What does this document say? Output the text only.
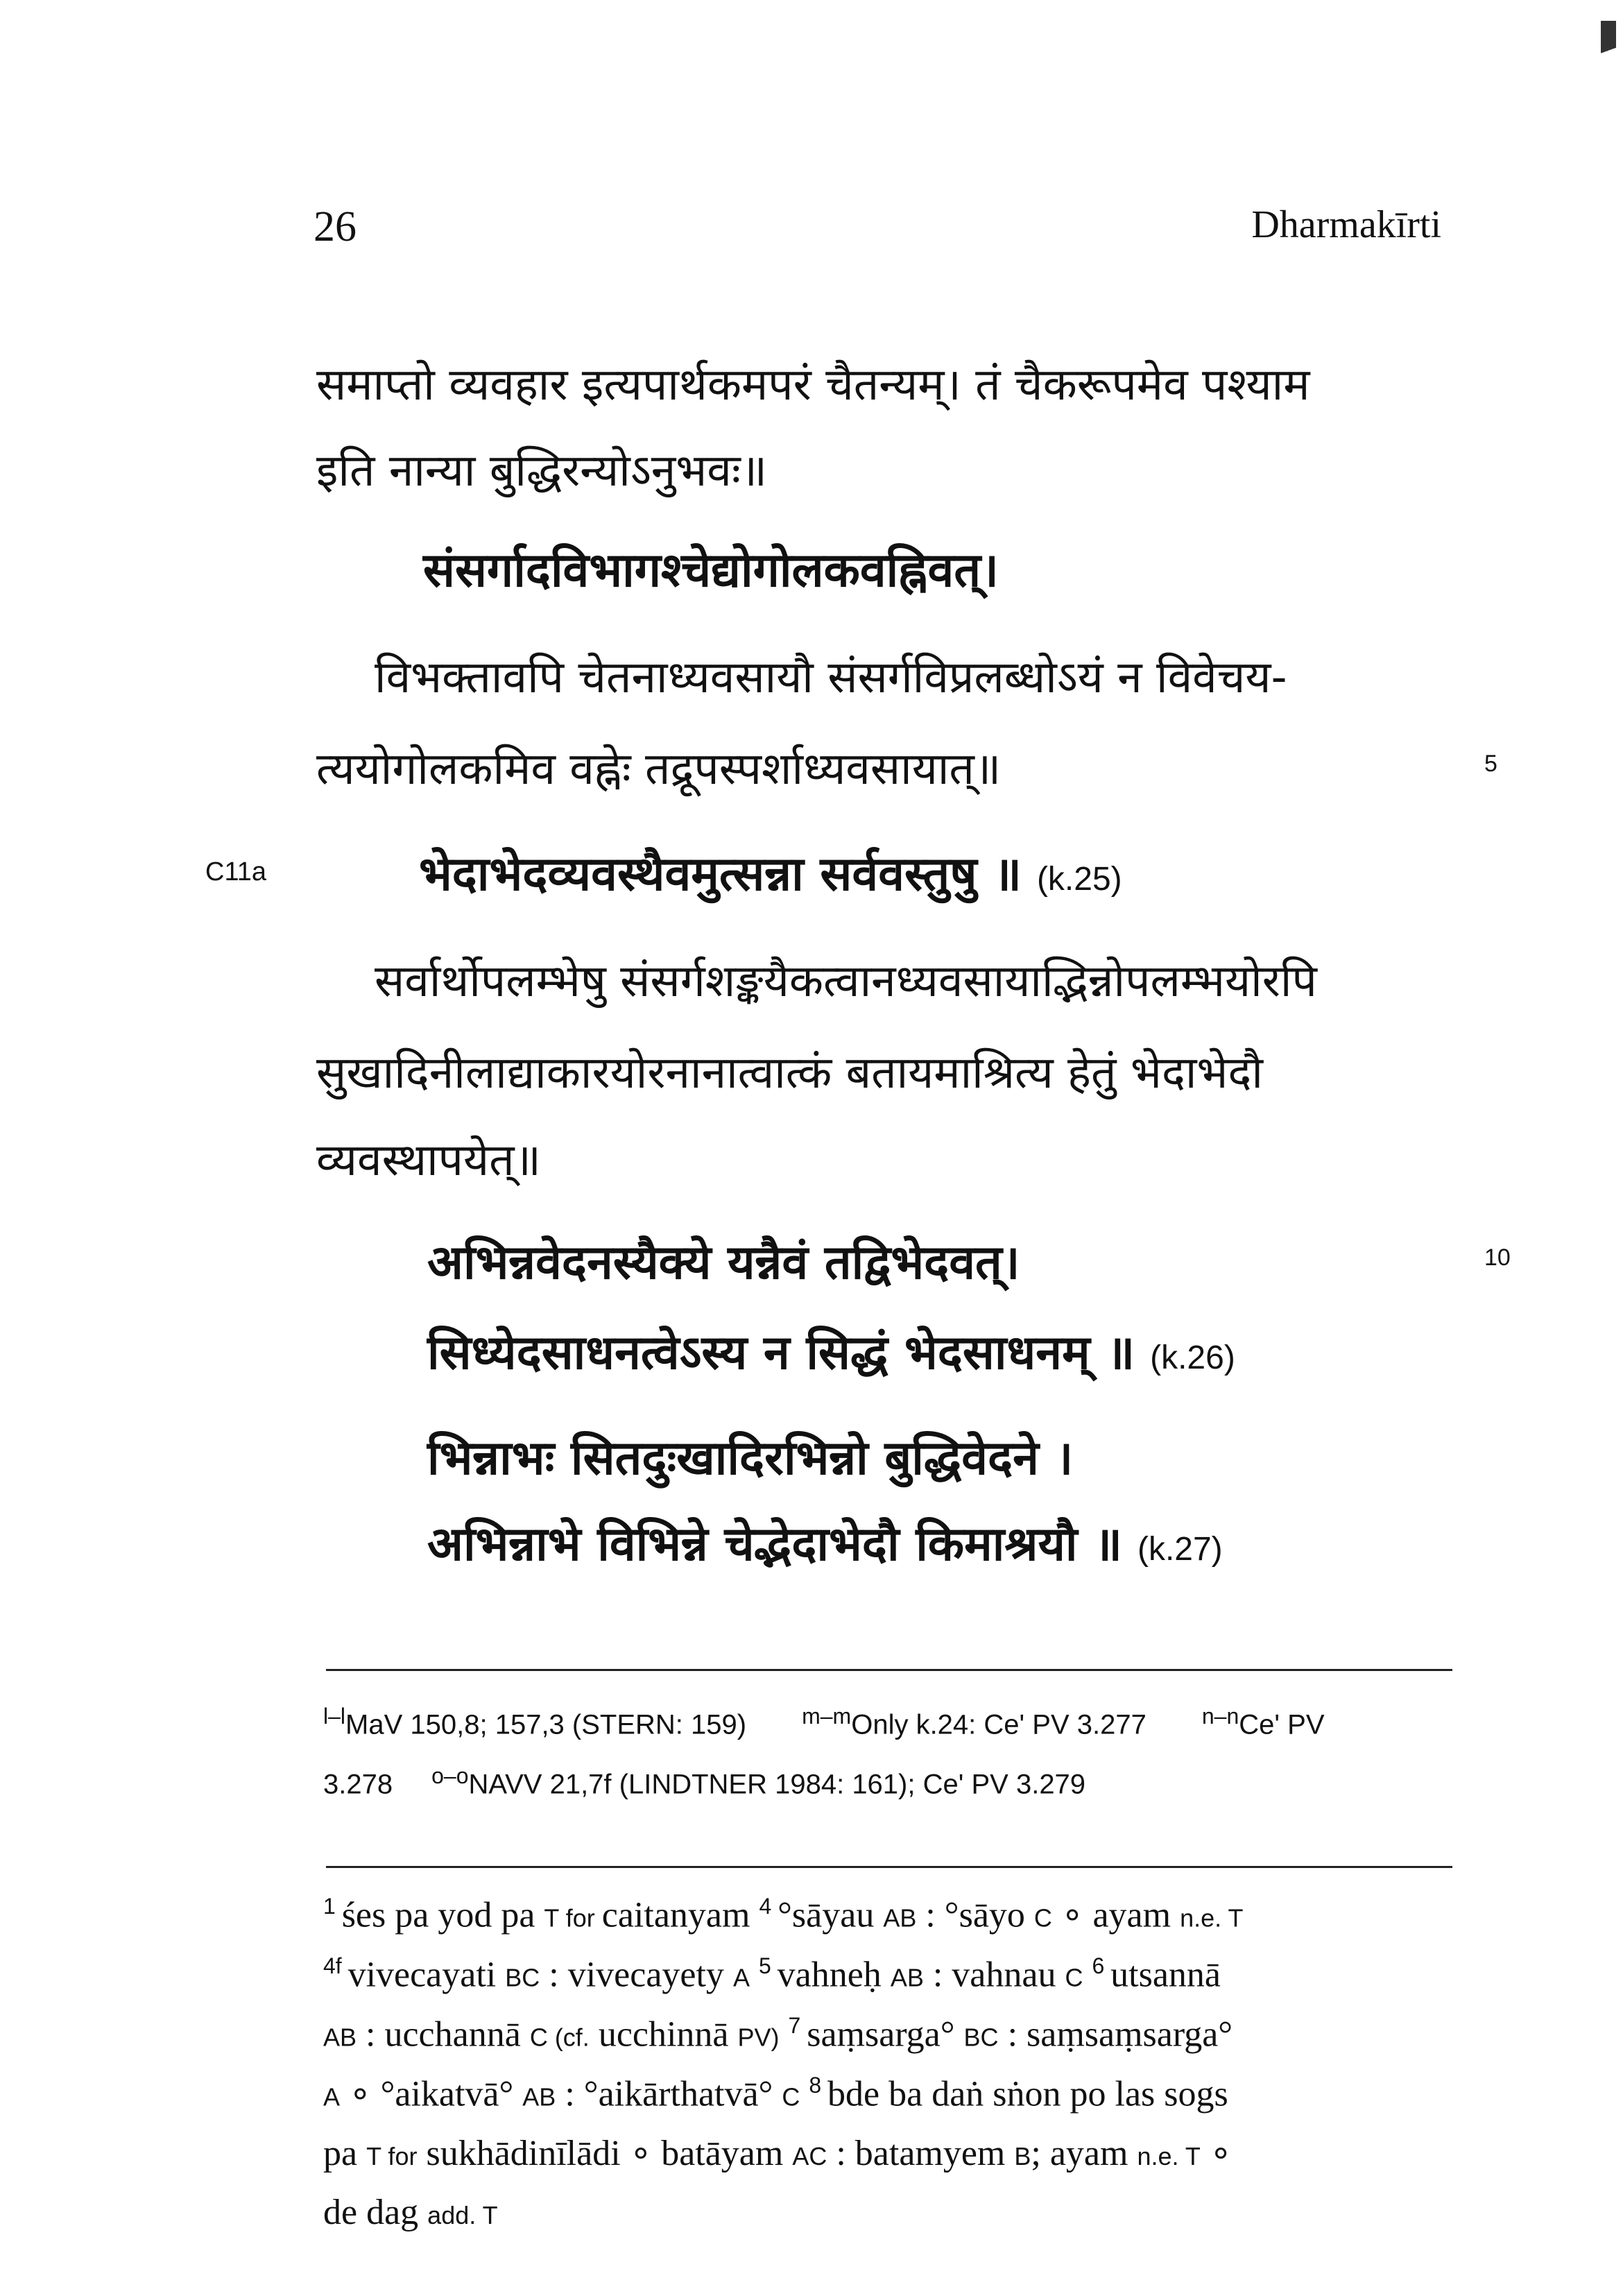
26	Dharmakīrti
समाप्तो व्यवहार इत्यपार्थकमपरं चैतन्यम्। तं चैकरूपमेव पश्याम
इति नान्या बुद्धिरन्योऽनुभवः॥
संसर्गादविभागश्चेद्योगोलकवह्निवत्।
विभक्तावपि चेतनाध्यवसायौ संसर्गविप्रलब्धोऽयं न विवेचय-
त्ययोगोलकमिव वह्नेः तद्रूपस्पर्शाध्यवसायात्॥	5
C11a	भेदाभेदव्यवस्थैवमुत्सन्ना सर्ववस्तुषु ॥ (k.25)
सर्वार्थोपलम्भेषु संसर्गशङ्कयैकत्वानध्यवसायाद्भिन्नोपलम्भयोरपि
सुखादिनीलाद्याकारयोरनानात्वात्कं बतायमाश्रित्य हेतुं भेदाभेदौ
व्यवस्थापयेत्॥
अभिन्नवेदनस्यैक्ये यन्नैवं तद्विभेदवत्।	10
सिध्येदसाधनत्वेऽस्य न सिद्धं भेदसाधनम् ॥ (k.26)
भिन्नाभः सितदुःखादिरभिन्नो बुद्धिवेदने ।
अभिन्नाभे विभिन्ने चेद्भेदाभेदौ किमाश्रयौ ॥ (k.27)
$^{l-l}$MaV 150,8; 157,3 (STERN: 159)	$^{m-m}$Only k.24: Ce' PV 3.277	$^{n-n}$Ce' PV
3.278 $^{o-o}$NAVV 21,7f (LINDTNER 1984: 161); Ce' PV 3.279
$^1$ śes pa yod pa T for caitanyam $^4$ °sāyau AB : °sāyo C ∘ ayam n.e. T
$^{4f}$ vivecayati BC : vivecayety A $^5$ vahneḥ AB : vahnau C $^6$ utsannā
AB : ucchannā C (cf. ucchinnā PV) $^7$ saṃsarga° BC : saṃsaṃsarga°
A ∘ °aikatvā° AB : °aikārthatvā° C $^8$ bde ba daṅ sṅon po las sogs
pa T for sukhādinīlādi ∘ batāyam AC : batamyem B; ayam n.e. T ∘
de dag add. T
